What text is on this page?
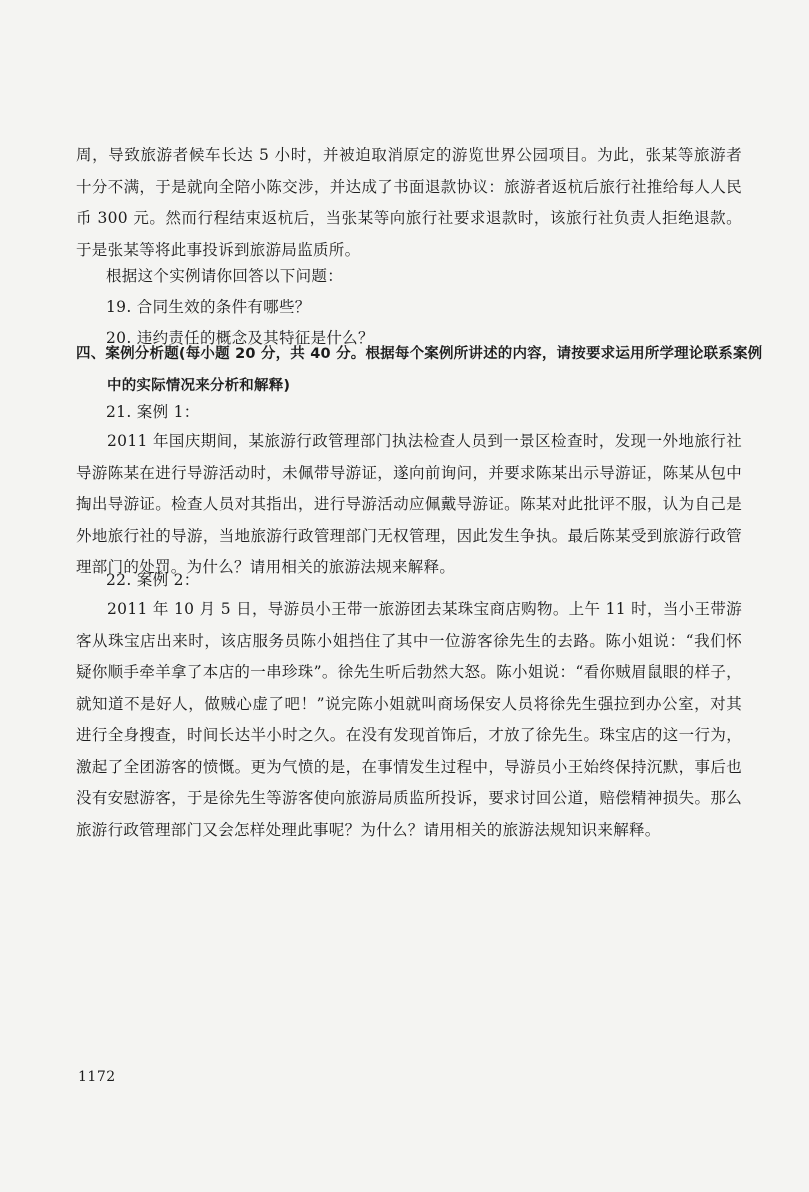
周，导致旅游者候车长达 5 小时，并被迫取消原定的游览世界公园项目。为此，张某等旅游者十分不满，于是就向全陪小陈交涉，并达成了书面退款协议：旅游者返杭后旅行社推给每人人民币 300 元。然而行程结束返杭后，当张某等向旅行社要求退款时，该旅行社负责人拒绝退款。于是张某等将此事投诉到旅游局监质所。

根据这个实例请你回答以下问题：

19. 合同生效的条件有哪些？

20. 违约责任的概念及其特征是什么？

四、案例分析题(每小题 20 分，共 40 分。根据每个案例所讲述的内容，请按要求运用所学理论联系案例中的实际情况来分析和解释)

21. 案例 1：

2011 年国庆期间，某旅游行政管理部门执法检查人员到一景区检查时，发现一外地旅行社导游陈某在进行导游活动时，未佩带导游证，遂向前询问，并要求陈某出示导游证，陈某从包中掏出导游证。检查人员对其指出，进行导游活动应佩戴导游证。陈某对此批评不服，认为自己是外地旅行社的导游，当地旅游行政管理部门无权管理，因此发生争执。最后陈某受到旅游行政管理部门的处罚。为什么？请用相关的旅游法规来解释。

22. 案例 2：

2011 年 10 月 5 日，导游员小王带一旅游团去某珠宝商店购物。上午 11 时，当小王带游客从珠宝店出来时，该店服务员陈小姐挡住了其中一位游客徐先生的去路。陈小姐说：“我们怀疑你顺手牵羊拿了本店的一串珍珠”。徐先生听后勃然大怒。陈小姐说：“看你贼眉鼠眼的样子，就知道不是好人，做贼心虚了吧！”说完陈小姐就叫商场保安人员将徐先生强拉到办公室，对其进行全身搜查，时间长达半小时之久。在没有发现首饰后，才放了徐先生。珠宝店的这一行为，激起了全团游客的愤慨。更为气愤的是，在事情发生过程中，导游员小王始终保持沉默，事后也没有安慰游客，于是徐先生等游客使向旅游局质监所投诉，要求讨回公道，赔偿精神损失。那么旅游行政管理部门又会怎样处理此事呢？为什么？请用相关的旅游法规知识来解释。

1172
